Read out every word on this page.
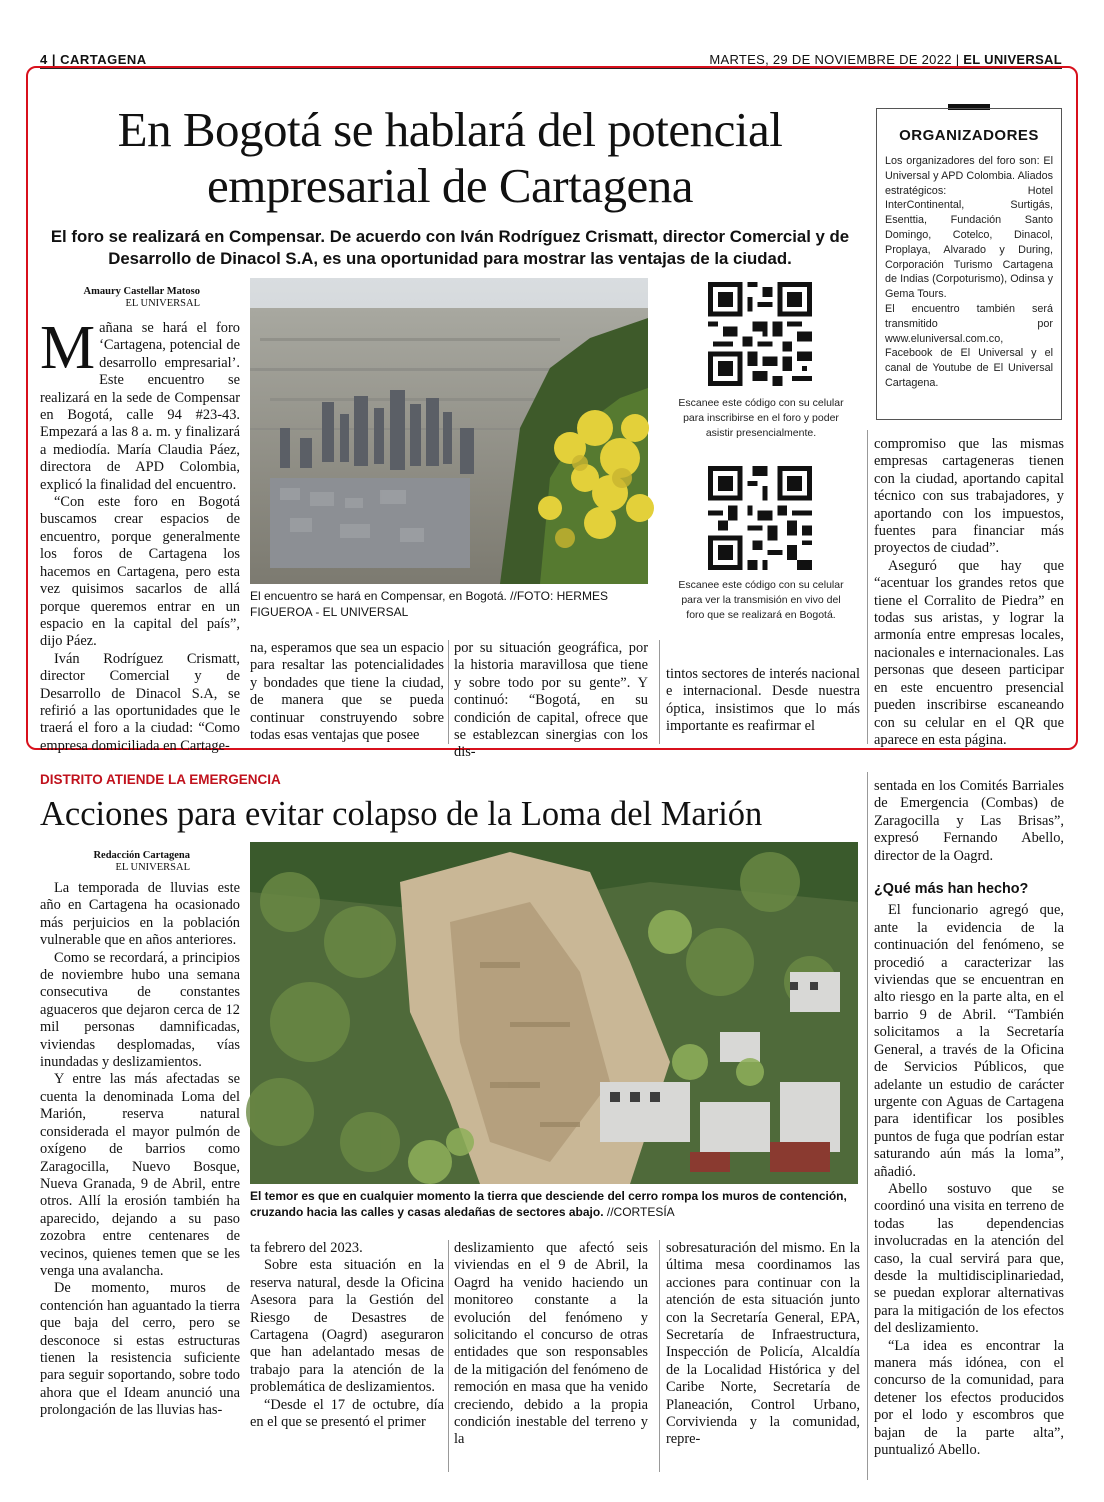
4 | CARTAGENA	MARTES, 29 DE NOVIEMBRE DE 2022 | EL UNIVERSAL
En Bogotá se hablará del potencial empresarial de Cartagena
El foro se realizará en Compensar. De acuerdo con Iván Rodríguez Crismatt, director Comercial y de Desarrollo de Dinacol S.A, es una oportunidad para mostrar las ventajas de la ciudad.
Amaury Castellar Matoso
EL UNIVERSAL

Mañana se hará el foro ‘Cartagena, potencial de desarrollo empresarial’. Este encuentro se realizará en la sede de Compensar en Bogotá, calle 94 #23-43. Empezará a las 8 a. m. y finalizará a mediodía. María Claudia Páez, directora de APD Colombia, explicó la finalidad del encuentro.

“Con este foro en Bogotá buscamos crear espacios de encuentro, porque generalmente los foros de Cartagena los hacemos en Cartagena, pero esta vez quisimos sacarlos de allá porque queremos entrar en un espacio en la capital del país”, dijo Páez.

Iván Rodríguez Crismatt, director Comercial y de Desarrollo de Dinacol S.A, se refirió a las oportunidades que le traerá el foro a la ciudad: “Como empresa domiciliada en Cartage-

El encuentro se hará en Compensar, en Bogotá. //FOTO: HERMES FIGUEROA - EL UNIVERSAL
Escanee este código con su celular para inscribirse en el foro y poder asistir presencialmente.
Escanee este código con su celular para ver la transmisión en vivo del foro que se realizará en Bogotá.
na, esperamos que sea un espacio para resaltar las potencialidades y bondades que tiene la ciudad, de manera que se pueda continuar construyendo sobre todas esas ventajas que posee
por su situación geográfica, por la historia maravillosa que tiene y sobre todo por su gente”. Y continuó: “Bogotá, en su condición de capital, ofrece que se establezcan sinergias con los dis-
tintos sectores de interés nacional e internacional. Desde nuestra óptica, insistimos que lo más importante es reafirmar el

compromiso que las mismas empresas cartageneras tienen con la ciudad, aportando capital técnico con sus trabajadores, y aportando con los impuestos, fuentes para financiar más proyectos de ciudad”.

Aseguró que hay que “acentuar los grandes retos que tiene el Corralito de Piedra” en todas sus aristas, y lograr la armonía entre empresas locales, nacionales e internacionales. Las personas que deseen participar en este encuentro presencial pueden inscribirse escaneando con su celular en el QR que aparece en esta página.

ORGANIZADORES
Los organizadores del foro son: El Universal y APD Colombia. Aliados estratégicos: Hotel InterContinental, Surtigás, Esenttia, Fundación Santo Domingo, Cotelco, Dinacol, Proplaya, Alvarado y During, Corporación Turismo Cartagena de Indias (Corpoturismo), Odinsa y Gema Tours.
El encuentro también será transmitido por www.eluniversal.com.co, Facebook de El Universal y el canal de Youtube de El Universal Cartagena.
DISTRITO ATIENDE LA EMERGENCIA
Acciones para evitar colapso de la Loma del Marión
Redacción Cartagena
EL UNIVERSAL

La temporada de lluvias este año en Cartagena ha ocasionado más perjuicios en la población vulnerable que en años anteriores.

Como se recordará, a principios de noviembre hubo una semana consecutiva de constantes aguaceros que dejaron cerca de 12 mil personas damnificadas, viviendas desplomadas, vías inundadas y deslizamientos.

Y entre las más afectadas se cuenta la denominada Loma del Marión, reserva natural considerada el mayor pulmón de oxígeno de barrios como Zaragocilla, Nuevo Bosque, Nueva Granada, 9 de Abril, entre otros. Allí la erosión también ha aparecido, dejando a su paso zozobra entre centenares de vecinos, quienes temen que se les venga una avalancha.

De momento, muros de contención han aguantado la tierra que baja del cerro, pero se desconoce si estas estructuras tienen la resistencia suficiente para seguir soportando, sobre todo ahora que el Ideam anunció una prolongación de las lluvias has-

El temor es que en cualquier momento la tierra que desciende del cerro rompa los muros de contención, cruzando hacia las calles y casas aledañas de sectores abajo. //CORTESÍA

ta febrero del 2023.

Sobre esta situación en la reserva natural, desde la Oficina Asesora para la Gestión del Riesgo de Desastres de Cartagena (Oagrd) aseguraron que han adelantado mesas de trabajo para la atención de la problemática de deslizamientos.

“Desde el 17 de octubre, día en el que se presentó el primer

deslizamiento que afectó seis viviendas en el 9 de Abril, la Oagrd ha venido haciendo un monitoreo constante a la evolución del fenómeno y solicitando el concurso de otras entidades que son responsables de la mitigación del fenómeno de remoción en masa que ha venido creciendo, debido a la propia condición inestable del terreno y la
sobresaturación del mismo. En la última mesa coordinamos las acciones para continuar con la atención de esta situación junto con la Secretaría General, EPA, Secretaría de Infraestructura, Inspección de Policía, Alcaldía de la Localidad Histórica y del Caribe Norte, Secretaría de Planeación, Control Urbano, Corvivienda y la comunidad, repre-

sentada en los Comités Barriales de Emergencia (Combas) de Zaragocilla y Las Brisas”, expresó Fernando Abello, director de la Oagrd.

¿Qué más han hecho?

El funcionario agregó que, ante la evidencia de la continuación del fenómeno, se procedió a caracterizar las viviendas que se encuentran en alto riesgo en la parte alta, en el barrio 9 de Abril. “También solicitamos a la Secretaría General, a través de la Oficina de Servicios Públicos, que adelante un estudio de carácter urgente con Aguas de Cartagena para identificar los posibles puntos de fuga que podrían estar saturando aún más la loma”, añadió.

Abello sostuvo que se coordinó una visita en terreno de todas las dependencias involucradas en la atención del caso, la cual servirá para que, desde la multidisciplinariedad, se puedan explorar alternativas para la mitigación de los efectos del deslizamiento.

“La idea es encontrar la manera más idónea, con el concurso de la comunidad, para detener los efectos producidos por el lodo y escombros que bajan de la parte alta”, puntualizó Abello.
